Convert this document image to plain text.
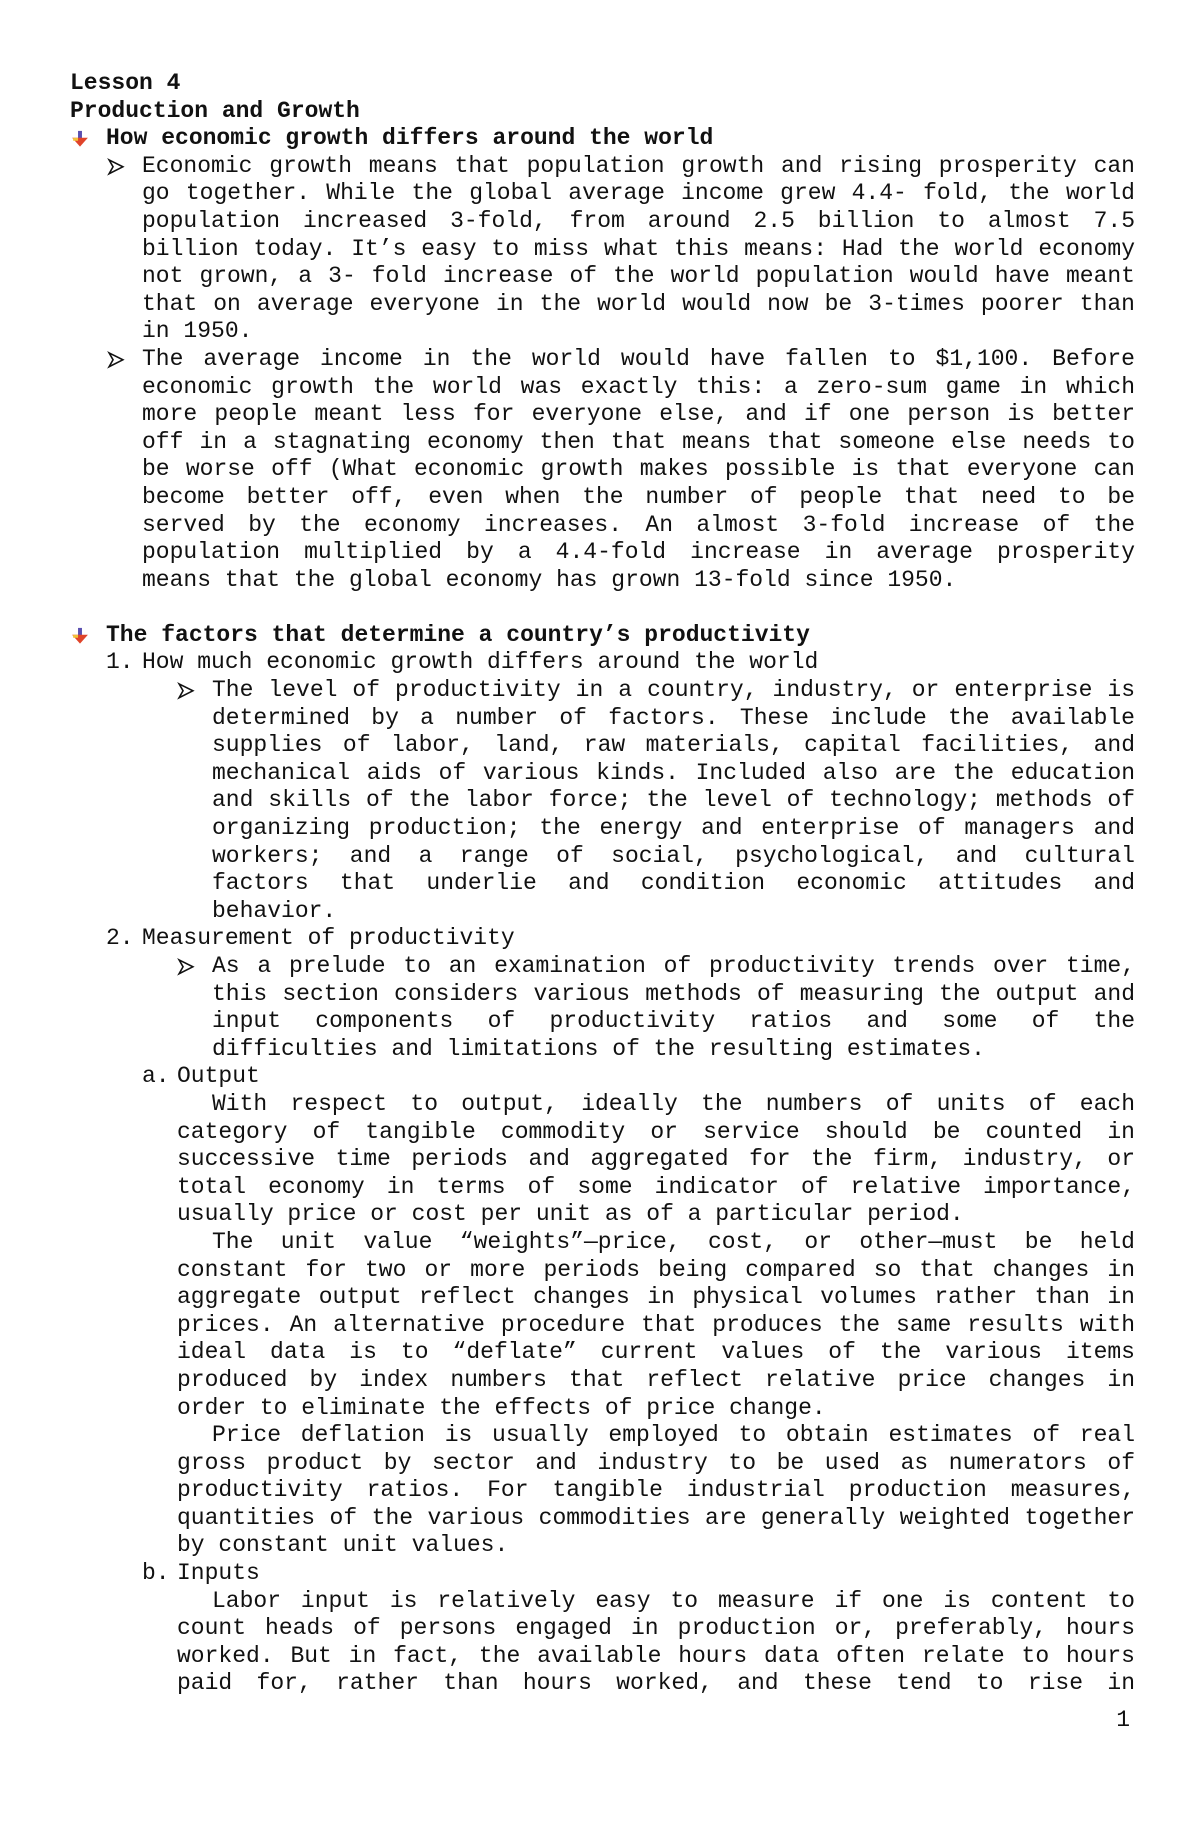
Lesson 4
Production and Growth
How economic growth differs around the world
Economic growth means that population growth and rising prosperity can go together. While the global average income grew 4.4- fold, the world population increased 3-fold, from around 2.5 billion to almost 7.5 billion today. It’s easy to miss what this means: Had the world economy not grown, a 3- fold increase of the world population would have meant that on average everyone in the world would now be 3-times poorer than in 1950.
The average income in the world would have fallen to $1,100. Before economic growth the world was exactly this: a zero-sum game in which more people meant less for everyone else, and if one person is better off in a stagnating economy then that means that someone else needs to be worse off (What economic growth makes possible is that everyone can become better off, even when the number of people that need to be served by the economy increases. An almost 3-fold increase of the population multiplied by a 4.4-fold increase in average prosperity means that the global economy has grown 13-fold since 1950.
The factors that determine a country’s productivity
1. How much economic growth differs around the world
The level of productivity in a country, industry, or enterprise is determined by a number of factors. These include the available supplies of labor, land, raw materials, capital facilities, and mechanical aids of various kinds. Included also are the education and skills of the labor force; the level of technology; methods of organizing production; the energy and enterprise of managers and workers; and a range of social, psychological, and cultural factors that underlie and condition economic attitudes and behavior.
2. Measurement of productivity
As a prelude to an examination of productivity trends over time, this section considers various methods of measuring the output and input components of productivity ratios and some of the difficulties and limitations of the resulting estimates.
a. Output
With respect to output, ideally the numbers of units of each category of tangible commodity or service should be counted in successive time periods and aggregated for the firm, industry, or total economy in terms of some indicator of relative importance, usually price or cost per unit as of a particular period.
The unit value “weights”—price, cost, or other—must be held constant for two or more periods being compared so that changes in aggregate output reflect changes in physical volumes rather than in prices. An alternative procedure that produces the same results with ideal data is to “deflate” current values of the various items produced by index numbers that reflect relative price changes in order to eliminate the effects of price change.
Price deflation is usually employed to obtain estimates of real gross product by sector and industry to be used as numerators of productivity ratios. For tangible industrial production measures, quantities of the various commodities are generally weighted together by constant unit values.
b. Inputs
Labor input is relatively easy to measure if one is content to count heads of persons engaged in production or, preferably, hours worked. But in fact, the available hours data often relate to hours paid for, rather than hours worked, and these tend to rise in
1
